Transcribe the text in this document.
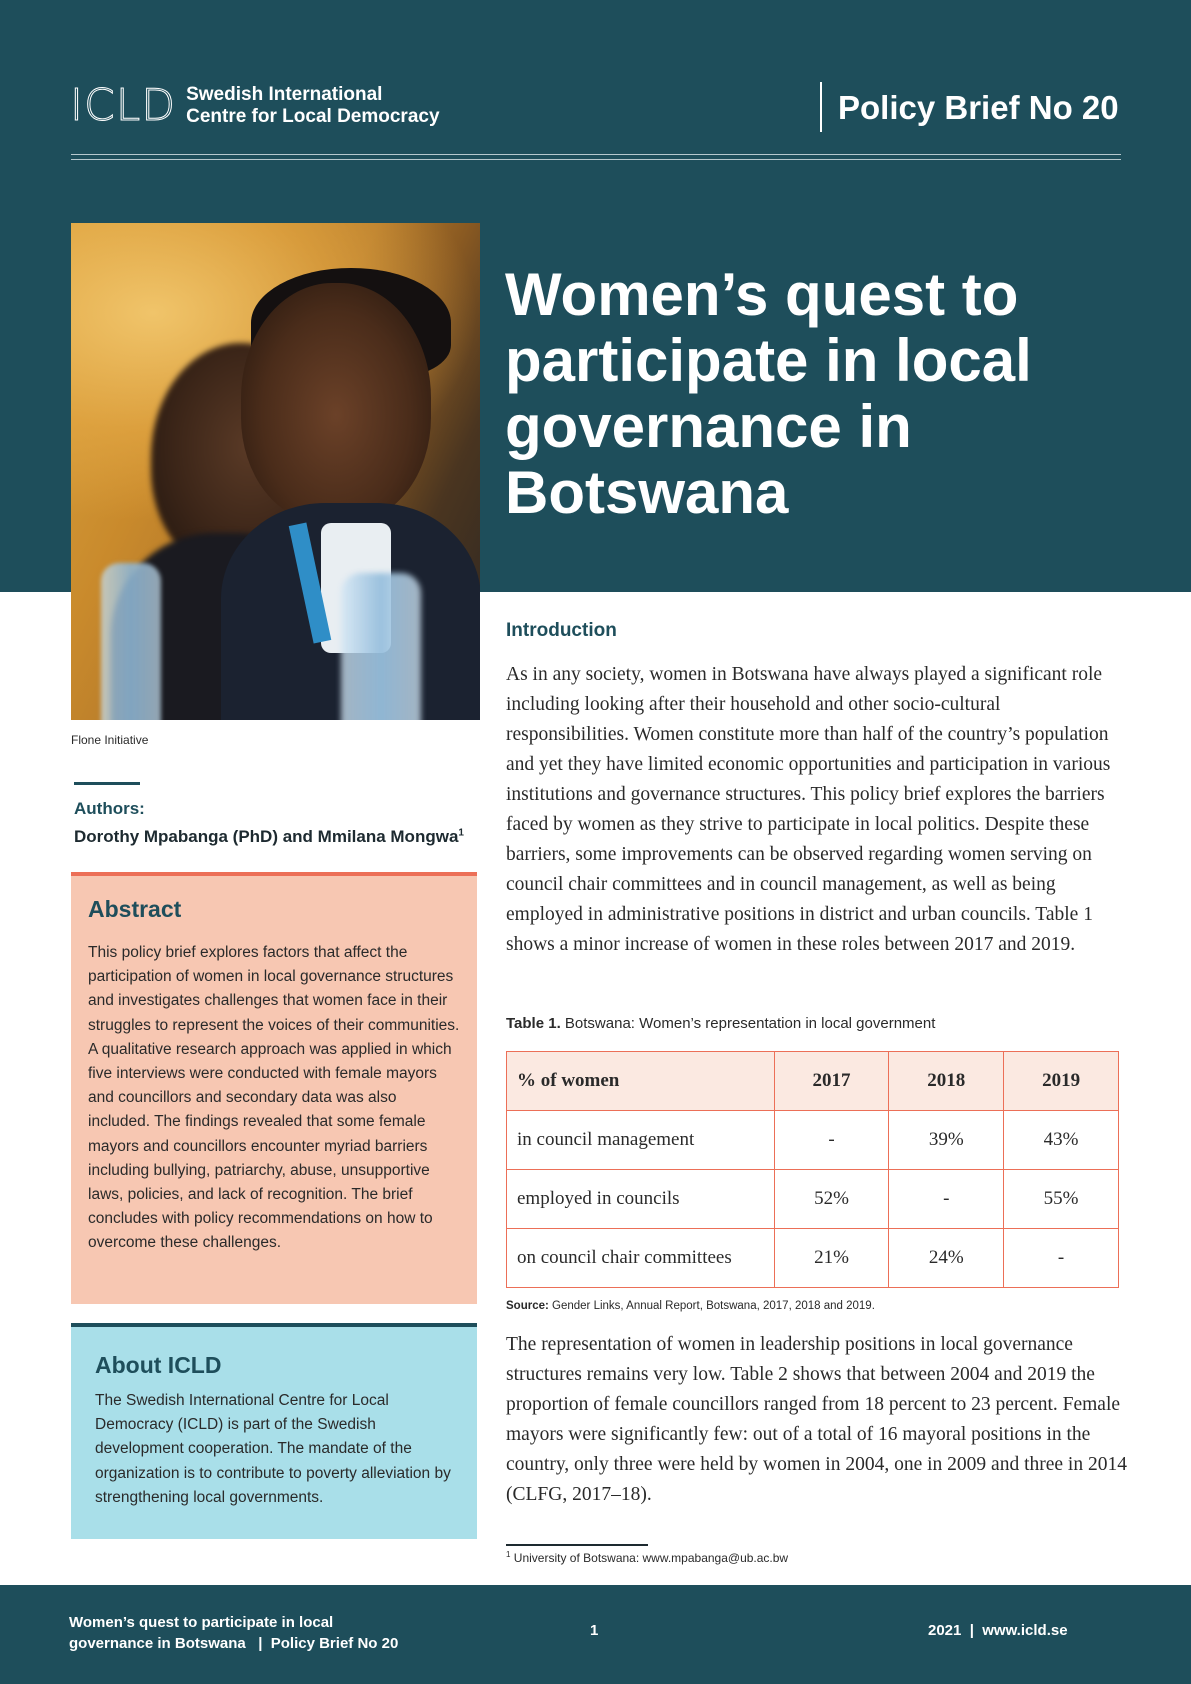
ICLD Swedish International
Centre for Local Democracy	Policy Brief No 20
Flone Initiative
Women’s quest to participate in local governance in Botswana
Authors:
Dorothy Mpabanga (PhD) and Mmilana Mongwa$^1$
Abstract

This policy brief explores factors that affect the participation of women in local governance structures and investigates challenges that women face in their struggles to represent the voices of their communities. A qualitative research approach was applied in which five interviews were conducted with female mayors and councillors and secondary data was also included. The findings revealed that some female mayors and councillors encounter myriad barriers including bullying, patriarchy, abuse, unsupportive laws, policies, and lack of recognition. The brief concludes with policy recommendations on how to overcome these challenges.

About ICLD

The Swedish International Centre for Local Democracy (ICLD) is part of the Swedish development cooperation. The mandate of the organization is to contribute to poverty alleviation by strengthening local governments.

Introduction

As in any society, women in Botswana have always played a significant role including looking after their household and other socio-cultural responsibilities. Women constitute more than half of the country’s population and yet they have limited economic opportunities and participation in various institutions and governance structures. This policy brief explores the barriers faced by women as they strive to participate in local politics. Despite these barriers, some improvements can be observed regarding women serving on council chair committees and in council management, as well as being employed in administrative positions in district and urban councils. Table 1 shows a minor increase of women in these roles between 2017 and 2019.

Table 1. Botswana: Women’s representation in local government
% of women	2017	2018	2019
in council management	-	39%	43%
employed in councils	52%	-	55%
on council chair committees	21%	24%	-
Source: Gender Links, Annual Report, Botswana, 2017, 2018 and 2019.

The representation of women in leadership positions in local governance structures remains very low. Table 2 shows that between 2004 and 2019 the proportion of female councillors ranged from 18 percent to 23 percent. Female mayors were significantly few: out of a total of 16 mayoral positions in the country, only three were held by women in 2004, one in 2009 and three in 2014 (CLFG, 2017–18).

$^1$ University of Botswana: www.mpabanga@ub.ac.bw
Women’s quest to participate in local
governance in Botswana   |  Policy Brief No 20
1	2021  |  www.icld.se
